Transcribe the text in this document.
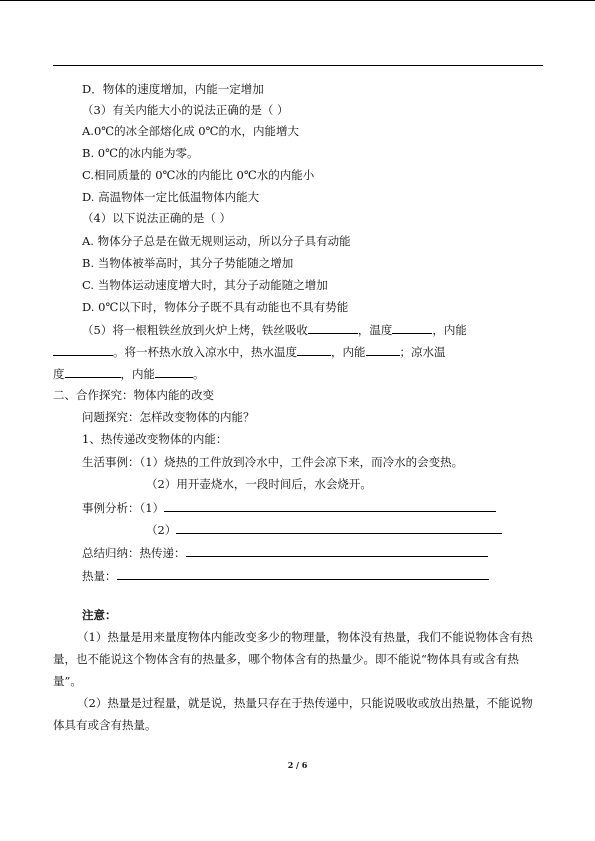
D．物体的速度增加，内能一定增加
（3）有关内能大小的说法正确的是（ ）
A.0℃的冰全部熔化成 0℃的水，内能增大
B. 0℃的冰内能为零。
C.相同质量的 0℃冰的内能比 0℃水的内能小
D. 高温物体一定比低温物体内能大
（4）以下说法正确的是（ ）
A. 物体分子总是在做无规则运动，所以分子具有动能
B. 当物体被举高时，其分子势能随之增加
C. 当物体运动速度增大时，其分子动能随之增加
D. 0℃以下时，物体分子既不具有动能也不具有势能
（5）将一根粗铁丝放到火炉上烤，铁丝吸收	，温度	，内能
。将一杯热水放入凉水中，热水温度	，内能	；凉水温
度	，内能	。
二、合作探究：物体内能的改变
问题探究：怎样改变物体的内能？
1、热传递改变物体的内能：
生活事例：（1）烧热的工件放到冷水中，工件会凉下来，而冷水的会变热。
（2）用开壶烧水，一段时间后，水会烧开。
事例分析：（1）
（2）
总结归纳：热传递：
热量：
注意：
（1）热量是用来量度物体内能改变多少的物理量，物体没有热量，我们不能说物体含有热量，也不能说这个物体含有的热量多，哪个物体含有的热量少。即不能说“物体具有或含有热量”。
（2）热量是过程量，就是说，热量只存在于热传递中，只能说吸收或放出热量，不能说物体具有或含有热量。
2 / 6
